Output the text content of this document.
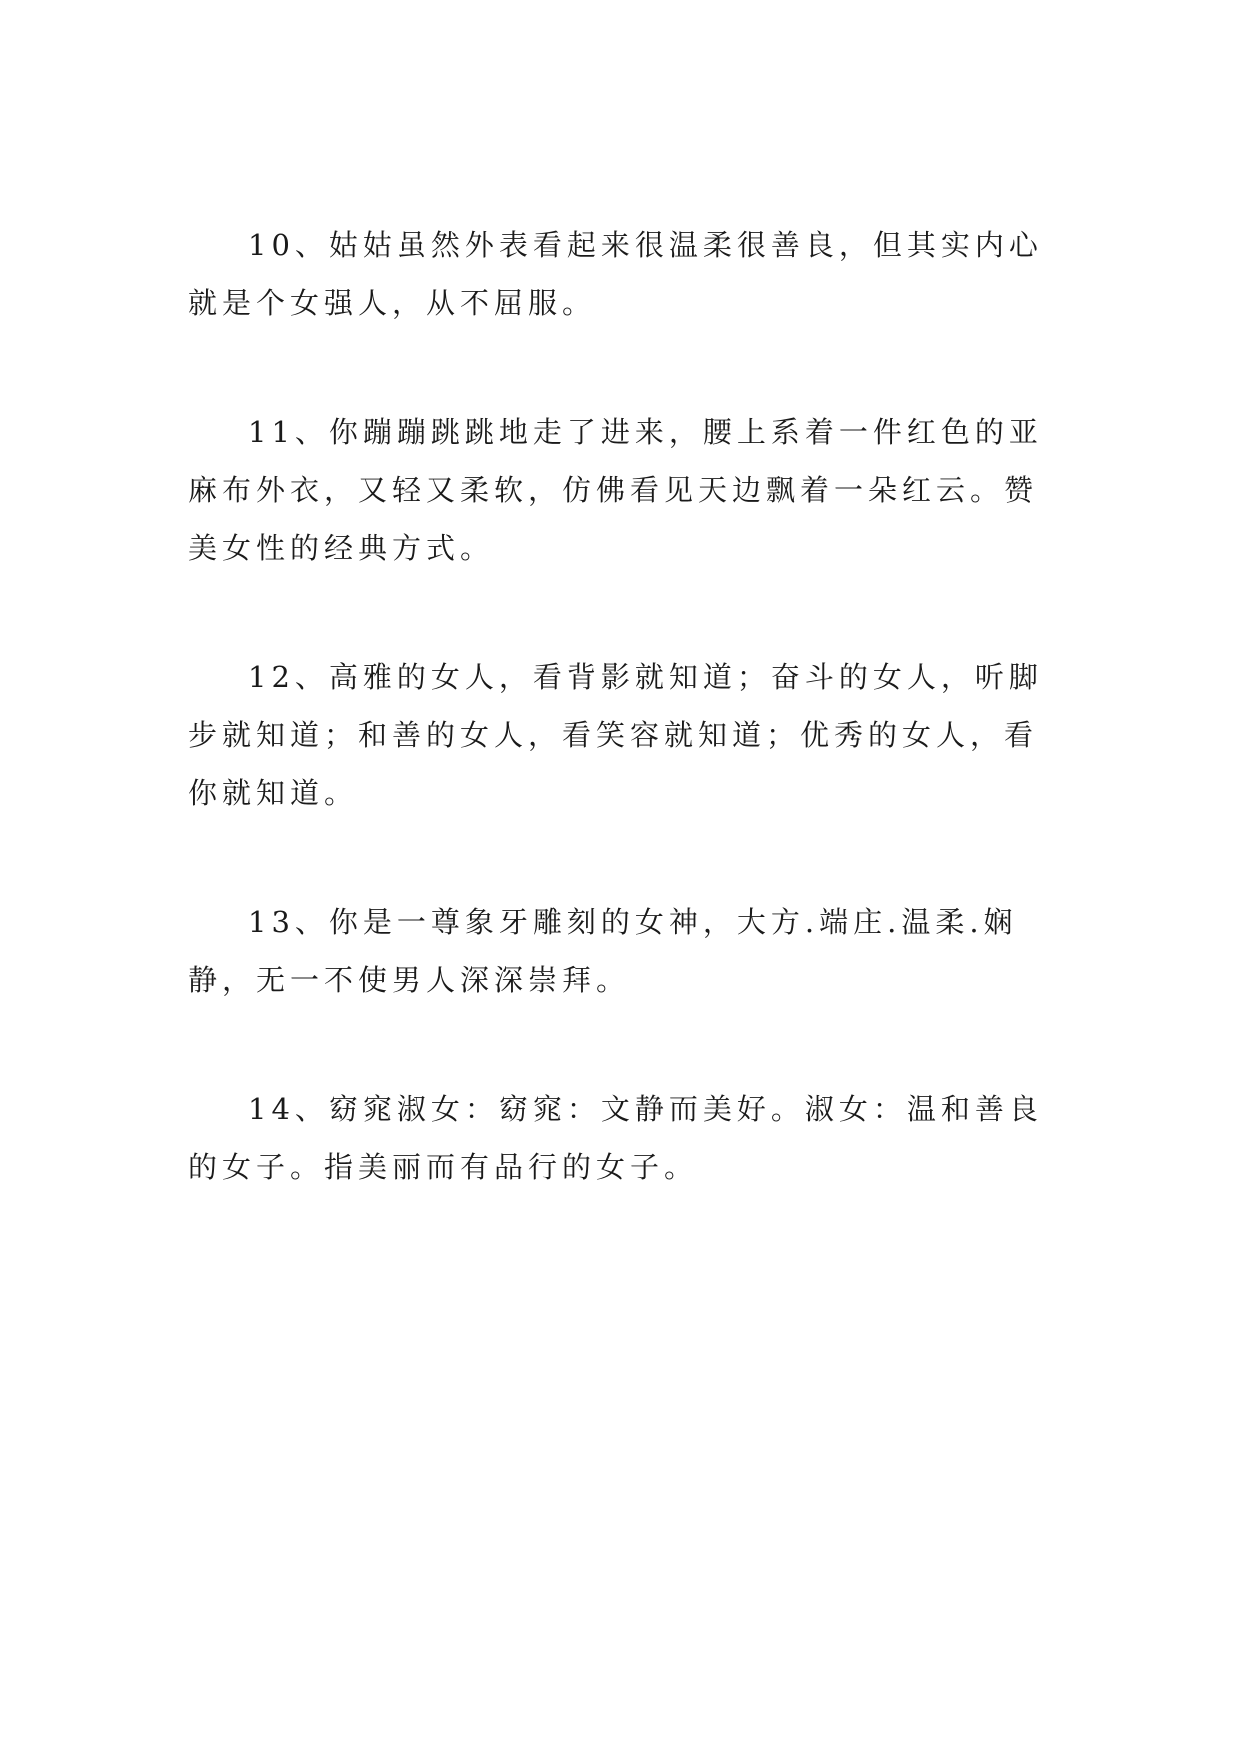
10、姑姑虽然外表看起来很温柔很善良，但其实内心就是个女强人，从不屈服。

11、你蹦蹦跳跳地走了进来，腰上系着一件红色的亚麻布外衣，又轻又柔软，仿佛看见天边飘着一朵红云。赞美女性的经典方式。

12、高雅的女人，看背影就知道；奋斗的女人，听脚步就知道；和善的女人，看笑容就知道；优秀的女人，看你就知道。

13、你是一尊象牙雕刻的女神，大方.端庄.温柔.娴静，无一不使男人深深崇拜。

14、窈窕淑女：窈窕：文静而美好。淑女：温和善良的女子。指美丽而有品行的女子。
